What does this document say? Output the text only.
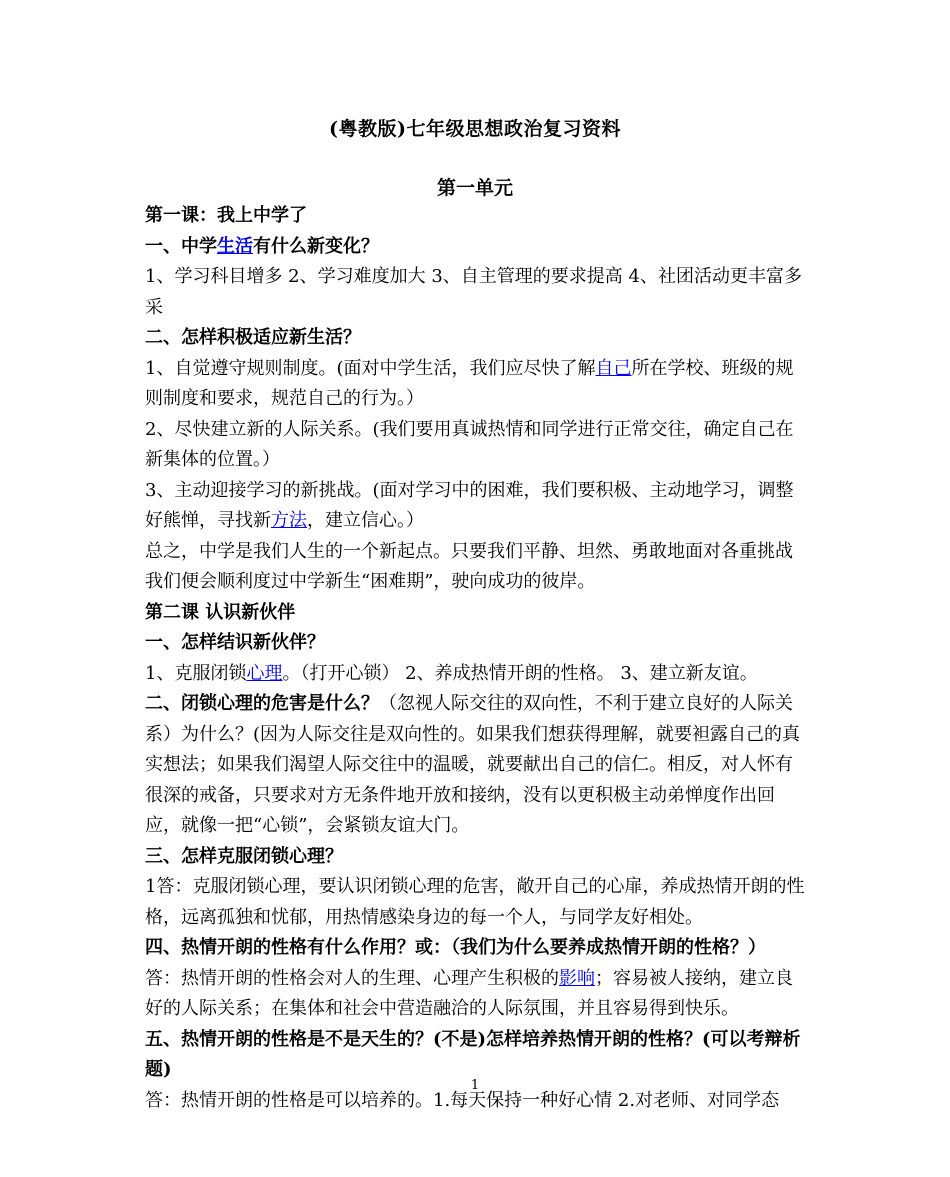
(粤教版)七年级思想政治复习资料
第一单元

第一课：我上中学了

一、中学生活有什么新变化？

1、学习科目增多 2、学习难度加大 3、自主管理的要求提高 4、社团活动更丰富多采

二、怎样积极适应新生活？

1、自觉遵守规则制度。(面对中学生活，我们应尽快了解自己所在学校、班级的规则制度和要求，规范自己的行为。）

2、尽快建立新的人际关系。(我们要用真诚热情和同学进行正常交往，确定自己在新集体的位置。）

3、主动迎接学习的新挑战。(面对学习中的困难，我们要积极、主动地学习，调整好熊惮，寻找新方法，建立信心。）

总之，中学是我们人生的一个新起点。只要我们平静、坦然、勇敢地面对各重挑战我们便会顺利度过中学新生“困难期”，驶向成功的彼岸。

第二课 认识新伙伴

一、怎样结识新伙伴？

1、克服闭锁心理。（打开心锁） 2、养成热情开朗的性格。 3、建立新友谊。

二、闭锁心理的危害是什么？（忽视人际交往的双向性，不利于建立良好的人际关系）为什么？(因为人际交往是双向性的。如果我们想获得理解，就要袒露自己的真实想法；如果我们渴望人际交往中的温暖，就要献出自己的信仁。相反，对人怀有很深的戒备，只要求对方无条件地开放和接纳，没有以更积极主动弟惮度作出回应，就像一把“心锁”，会紧锁友谊大门。

三、怎样克服闭锁心理？

1答：克服闭锁心理，要认识闭锁心理的危害，敞开自己的心扉，养成热情开朗的性格，远离孤独和忧郁，用热情感染身边的每一个人，与同学友好相处。

四、热情开朗的性格有什么作用？或：（我们为什么要养成热情开朗的性格？）

答：热情开朗的性格会对人的生理、心理产生积极的影响；容易被人接纳，建立良好的人际关系；在集体和社会中营造融洽的人际氛围，并且容易得到快乐。

五、热情开朗的性格是不是天生的？(不是)怎样培养热情开朗的性格？(可以考辩析题)

答：热情开朗的性格是可以培养的。1.每天保持一种好心情 2.对老师、对同学态

1
